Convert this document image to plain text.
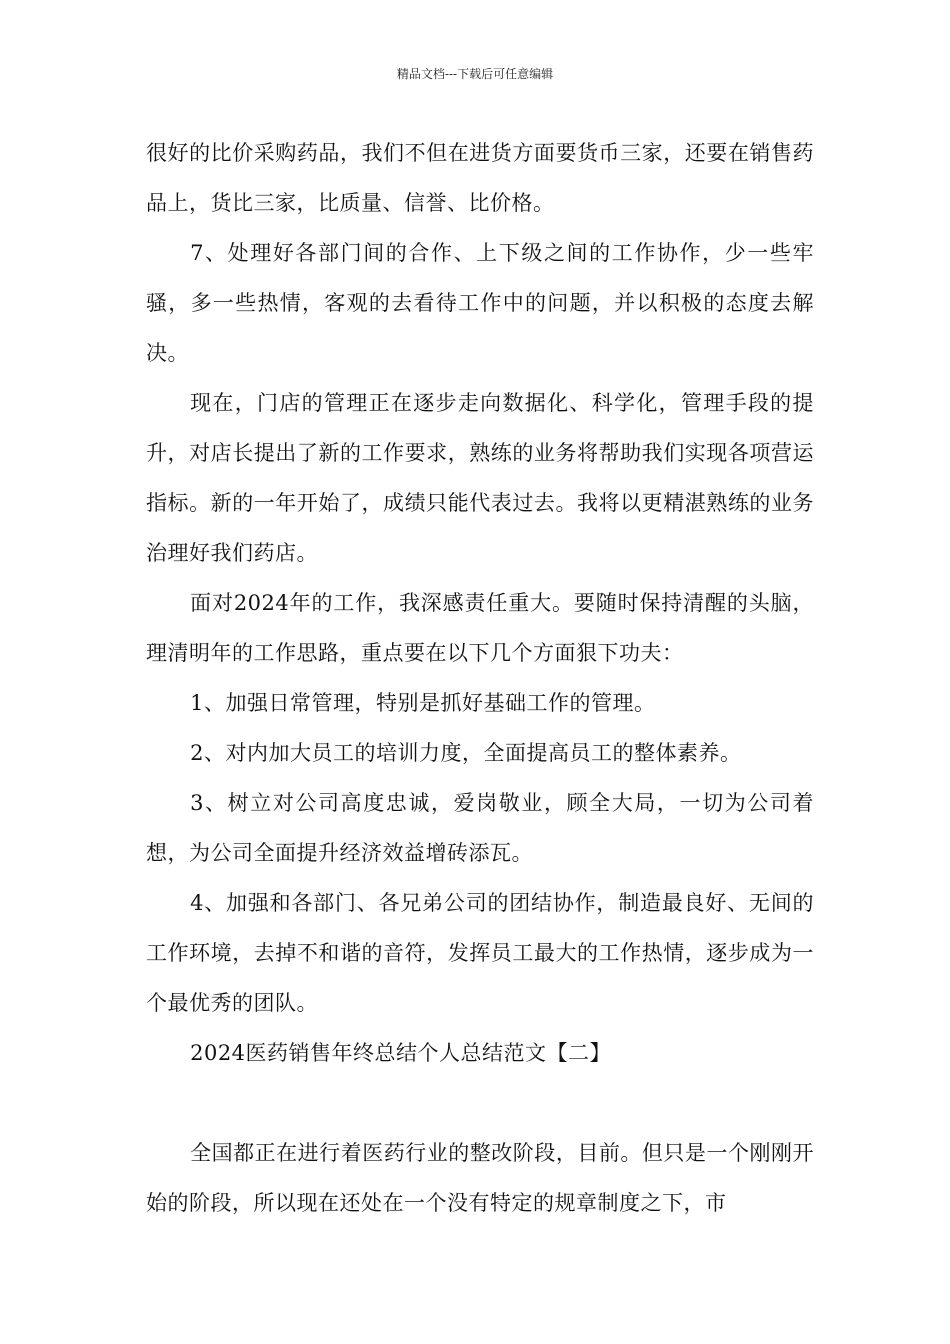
精品文档---下载后可任意编辑

很好的比价采购药品，我们不但在进货方面要货币三家，还要在销售药品上，货比三家，比质量、信誉、比价格。

7、处理好各部门间的合作、上下级之间的工作协作，少一些牢骚，多一些热情，客观的去看待工作中的问题，并以积极的态度去解决。

现在，门店的管理正在逐步走向数据化、科学化，管理手段的提升，对店长提出了新的工作要求，熟练的业务将帮助我们实现各项营运指标。新的一年开始了，成绩只能代表过去。我将以更精湛熟练的业务治理好我们药店。

面对2024年的工作，我深感责任重大。要随时保持清醒的头脑，理清明年的工作思路，重点要在以下几个方面狠下功夫：

1、加强日常管理，特别是抓好基础工作的管理。

2、对内加大员工的培训力度，全面提高员工的整体素养。

3、树立对公司高度忠诚，爱岗敬业，顾全大局，一切为公司着想，为公司全面提升经济效益增砖添瓦。

4、加强和各部门、各兄弟公司的团结协作，制造最良好、无间的工作环境，去掉不和谐的音符，发挥员工最大的工作热情，逐步成为一个最优秀的团队。

2024医药销售年终总结个人总结范文【二】

全国都正在进行着医药行业的整改阶段，目前。但只是一个刚刚开始的阶段，所以现在还处在一个没有特定的规章制度之下，市
